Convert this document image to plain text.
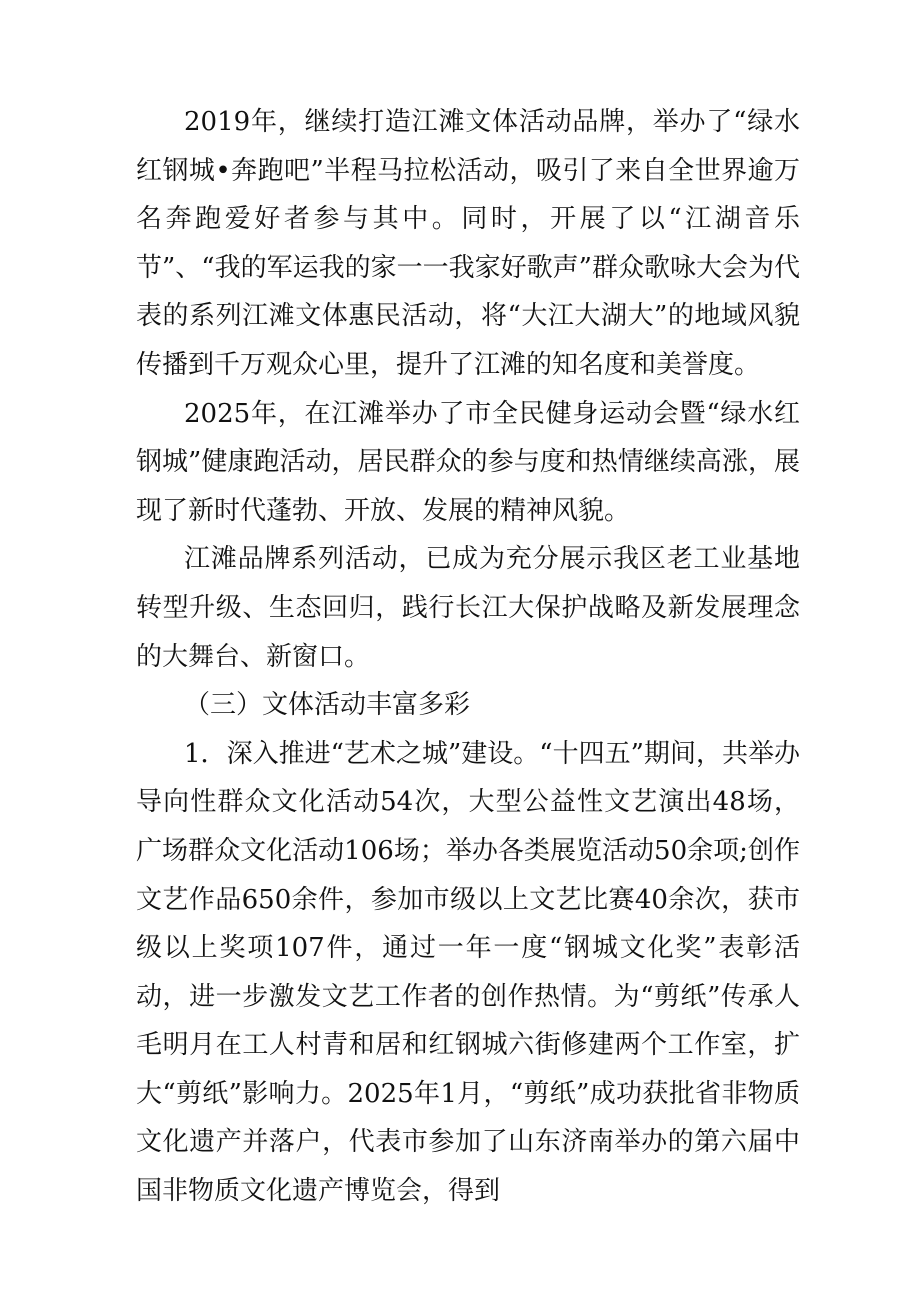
2019年，继续打造江滩文体活动品牌，举办了“绿水红钢城•奔跑吧”半程马拉松活动，吸引了来自全世界逾万名奔跑爱好者参与其中。同时，开展了以“江湖音乐节”、“我的军运我的家一一我家好歌声”群众歌咏大会为代表的系列江滩文体惠民活动，将“大江大湖大”的地域风貌传播到千万观众心里，提升了江滩的知名度和美誉度。

2025年，在江滩举办了市全民健身运动会暨“绿水红钢城”健康跑活动，居民群众的参与度和热情继续高涨，展现了新时代蓬勃、开放、发展的精神风貌。

江滩品牌系列活动，已成为充分展示我区老工业基地转型升级、生态回归，践行长江大保护战略及新发展理念的大舞台、新窗口。

（三）文体活动丰富多彩

1．深入推进“艺术之城”建设。“十四五”期间，共举办导向性群众文化活动54次，大型公益性文艺演出48场，广场群众文化活动106场；举办各类展览活动50余项;创作文艺作品650余件，参加市级以上文艺比赛40余次，获市级以上奖项107件，通过一年一度“钢城文化奖”表彰活动，进一步激发文艺工作者的创作热情。为“剪纸”传承人毛明月在工人村青和居和红钢城六街修建两个工作室，扩大“剪纸”影响力。2025年1月，“剪纸”成功获批省非物质文化遗产并落户，代表市参加了山东济南举办的第六届中国非物质文化遗产博览会，得到
